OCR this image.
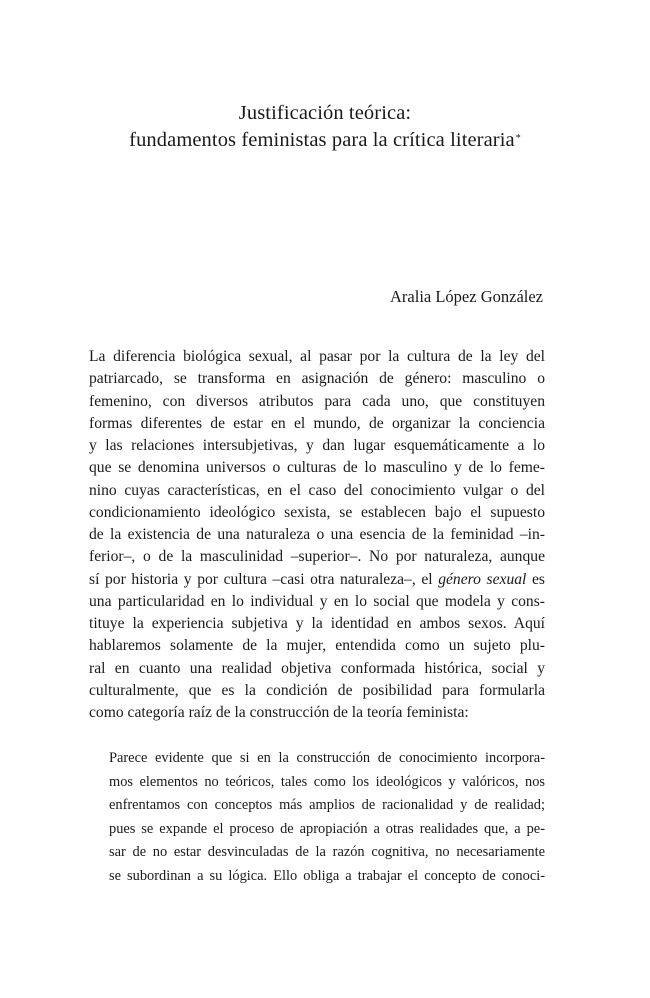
Justificación teórica:
fundamentos feministas para la crítica literaria*

Aralia López González

La diferencia biológica sexual, al pasar por la cultura de la ley del
patriarcado, se transforma en asignación de género: masculino o
femenino, con diversos atributos para cada uno, que constituyen
formas diferentes de estar en el mundo, de organizar la conciencia
y las relaciones intersubjetivas, y dan lugar esquemáticamente a lo
que se denomina universos o culturas de lo masculino y de lo feme-
nino cuyas características, en el caso del conocimiento vulgar o del
condicionamiento ideológico sexista, se establecen bajo el supuesto
de la existencia de una naturaleza o una esencia de la feminidad –in-
ferior–, o de la masculinidad –superior–. No por naturaleza, aunque
sí por historia y por cultura –casi otra naturaleza–, el género sexual es
una particularidad en lo individual y en lo social que modela y cons-
tituye la experiencia subjetiva y la identidad en ambos sexos. Aquí
hablaremos solamente de la mujer, entendida como un sujeto plu-
ral en cuanto una realidad objetiva conformada histórica, social y
culturalmente, que es la condición de posibilidad para formularla
como categoría raíz de la construcción de la teoría feminista:
Parece evidente que si en la construcción de conocimiento incorpora-
mos elementos no teóricos, tales como los ideológicos y valóricos, nos
enfrentamos con conceptos más amplios de racionalidad y de realidad;
pues se expande el proceso de apropiación a otras realidades que, a pe-
sar de no estar desvinculadas de la razón cognitiva, no necesariamente
se subordinan a su lógica. Ello obliga a trabajar el concepto de conoci-
